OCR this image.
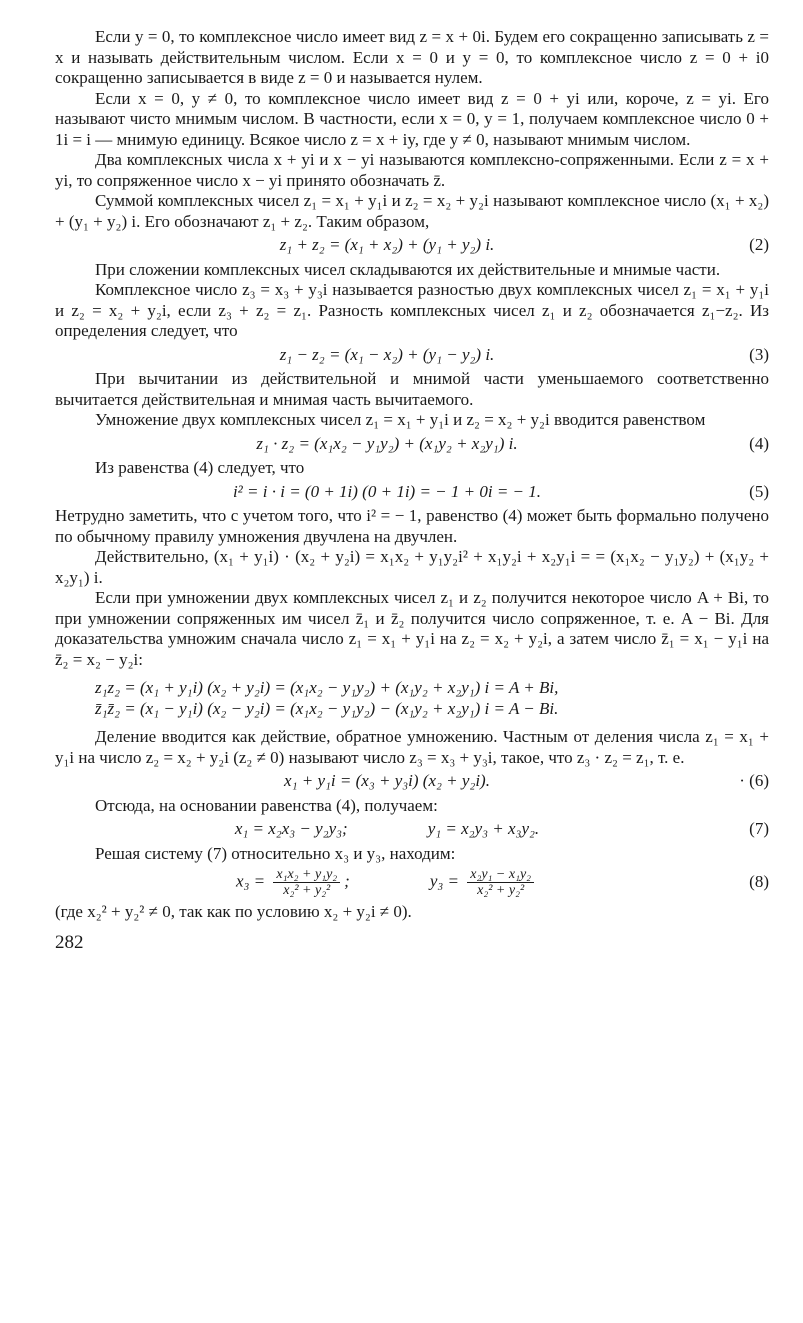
Если y = 0, то комплексное число имеет вид z = x + 0i. Будем его сокращенно записывать z = x и называть действительным числом. Если x = 0 и y = 0, то комплексное число z = 0 + i0 сокращенно записывается в виде z = 0 и называется нулем.

Если x = 0, y ≠ 0, то комплексное число имеет вид z = 0 + yi или, короче, z = yi. Его называют чисто мнимым числом. В частности, если x = 0, y = 1, получаем комплексное число 0 + 1i = i — мнимую единицу. Всякое число z = x + iy, где y ≠ 0, называют мнимым числом.

Два комплексных числа x + yi и x − yi называются комплексно-сопряженными. Если z = x + yi, то сопряженное число x − yi принято обозначать z̄.

Суммой комплексных чисел z₁ = x₁ + y₁i и z₂ = x₂ + y₂i называют комплексное число (x₁ + x₂) + (y₁ + y₂) i. Его обозначают z₁ + z₂. Таким образом,

z₁ + z₂ = (x₁ + x₂) + (y₁ + y₂) i.	(2)

При сложении комплексных чисел складываются их действительные и мнимые части.

Комплексное число z₃ = x₃ + y₃i называется разностью двух комплексных чисел z₁ = x₁ + y₁i и z₂ = x₂ + y₂i, если z₃ + z₂ = z₁. Разность комплексных чисел z₁ и z₂ обозначается z₁−z₂. Из определения следует, что

z₁ − z₂ = (x₁ − x₂) + (y₁ − y₂) i.	(3)

При вычитании из действительной и мнимой части уменьшаемого соответственно вычитается действительная и мнимая часть вычитаемого.

Умножение двух комплексных чисел z₁ = x₁ + y₁i и z₂ = x₂ + y₂i вводится равенством

z₁ · z₂ = (x₁x₂ − y₁y₂) + (x₁y₂ + x₂y₁) i.	(4)

Из равенства (4) следует, что

i² = i · i = (0 + 1i) (0 + 1i) = − 1 + 0i = − 1.	(5)

Нетрудно заметить, что с учетом того, что i² = − 1, равенство (4) может быть формально получено по обычному правилу умножения двучлена на двучлен.

Действительно, (x₁ + y₁i) · (x₂ + y₂i) = x₁x₂ + y₁y₂i² + x₁y₂i + x₂y₁i = = (x₁x₂ − y₁y₂) + (x₁y₂ + x₂y₁) i.

Если при умножении двух комплексных чисел z₁ и z₂ получится некоторое число A + Bi, то при умножении сопряженных им чисел z̄₁ и z̄₂ получится число сопряженное, т. е. A − Bi. Для доказательства умножим сначала число z₁ = x₁ + y₁i на z₂ = x₂ + y₂i, а затем число z̄₁ = x₁ − y₁i на z̄₂ = x₂ − y₂i:

z₁z₂ = (x₁ + y₁i) (x₂ + y₂i) = (x₁x₂ − y₁y₂) + (x₁y₂ + x₂y₁) i = A + Bi,
z̄₁z̄₂ = (x₁ − y₁i) (x₂ − y₂i) = (x₁x₂ − y₁y₂) − (x₁y₂ + x₂y₁) i = A − Bi.

Деление вводится как действие, обратное умножению. Частным от деления числа z₁ = x₁ + y₁i на число z₂ = x₂ + y₂i (z₂ ≠ 0) называют число z₃ = x₃ + y₃i, такое, что z₃ · z₂ = z₁, т. е.

x₁ + y₁i = (x₃ + y₃i) (x₂ + y₂i).	· (6)

Отсюда, на основании равенства (4), получаем:

x₁ = x₂x₃ − y₂y₃;	y₁ = x₂y₃ + x₃y₂.	(7)

Решая систему (7) относительно x₃ и y₃, находим:

$x_3 = \frac{\text{x₁x₂ + y₁y₂}}{\text{x₂² + y₂²}}$ ;	$y_3 = \frac{\text{x₂y₁ − x₁y₂}}{\text{x₂² + y₂²}}$	(8)

(где x₂² + y₂² ≠ 0, так как по условию x₂ + y₂i ≠ 0).

282
